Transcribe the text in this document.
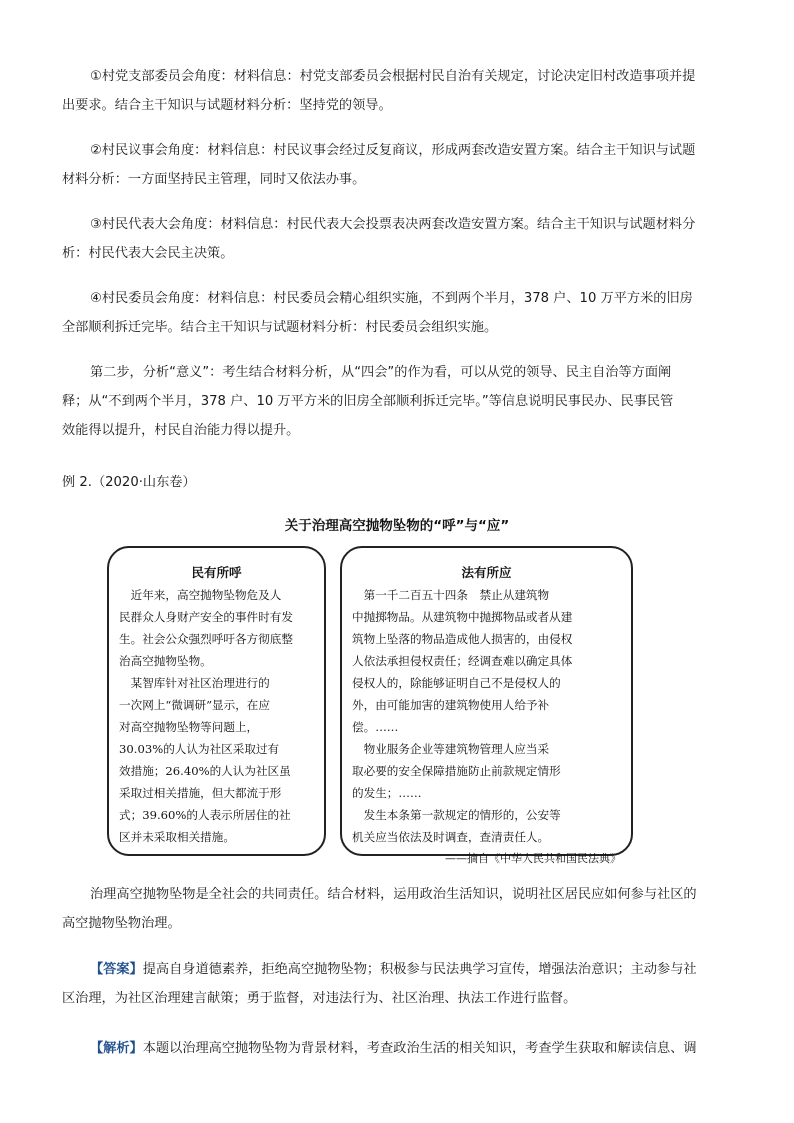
①村党支部委员会角度：材料信息：村党支部委员会根据村民自治有关规定，讨论决定旧村改造事项并提
出要求。结合主干知识与试题材料分析：坚持党的领导。
②村民议事会角度：材料信息：村民议事会经过反复商议，形成两套改造安置方案。结合主干知识与试题
材料分析：一方面坚持民主管理，同时又依法办事。
③村民代表大会角度：材料信息：村民代表大会投票表决两套改造安置方案。结合主干知识与试题材料分
析：村民代表大会民主决策。
④村民委员会角度：材料信息：村民委员会精心组织实施，不到两个半月，378 户、10 万平方米的旧房
全部顺利拆迁完毕。结合主干知识与试题材料分析：村民委员会组织实施。
第二步，分析“意义”：考生结合材料分析，从“四会”的作为看，可以从党的领导、民主自治等方面阐
释；从“不到两个半月，378 户、10 万平方米的旧房全部顺利拆迁完毕。”等信息说明民事民办、民事民管
效能得以提升，村民自治能力得以提升。
例 2.（2020·山东卷）
关于治理高空抛物坠物的“呼”与“应”
民有所呼
　近年来，高空抛物坠物危及人
民群众人身财产安全的事件时有发
生。社会公众强烈呼吁各方彻底整
治高空抛物坠物。
　某智库针对社区治理进行的
一次网上“微调研”显示，在应
对高空抛物坠物等问题上，
30.03%的人认为社区采取过有
效措施；26.40%的人认为社区虽
采取过相关措施，但大都流于形
式；39.60%的人表示所居住的社
区并未采取相关措施。
法有所应
　第一千二百五十四条　禁止从建筑物
中抛掷物品。从建筑物中抛掷物品或者从建
筑物上坠落的物品造成他人损害的，由侵权
人依法承担侵权责任；经调查难以确定具体
侵权人的，除能够证明自己不是侵权人的
外，由可能加害的建筑物使用人给予补
偿。……
　物业服务企业等建筑物管理人应当采
取必要的安全保障措施防止前款规定情形
的发生；……
　发生本条第一款规定的情形的，公安等
机关应当依法及时调查，查清责任人。
——摘自《中华人民共和国民法典》
治理高空抛物坠物是全社会的共同责任。结合材料，运用政治生活知识，说明社区居民应如何参与社区的
高空抛物坠物治理。
【答案】提高自身道德素养，拒绝高空抛物坠物；积极参与民法典学习宣传，增强法治意识；主动参与社
区治理，为社区治理建言献策；勇于监督，对违法行为、社区治理、执法工作进行监督。
【解析】本题以治理高空抛物坠物为背景材料，考查政治生活的相关知识，考查学生获取和解读信息、调
